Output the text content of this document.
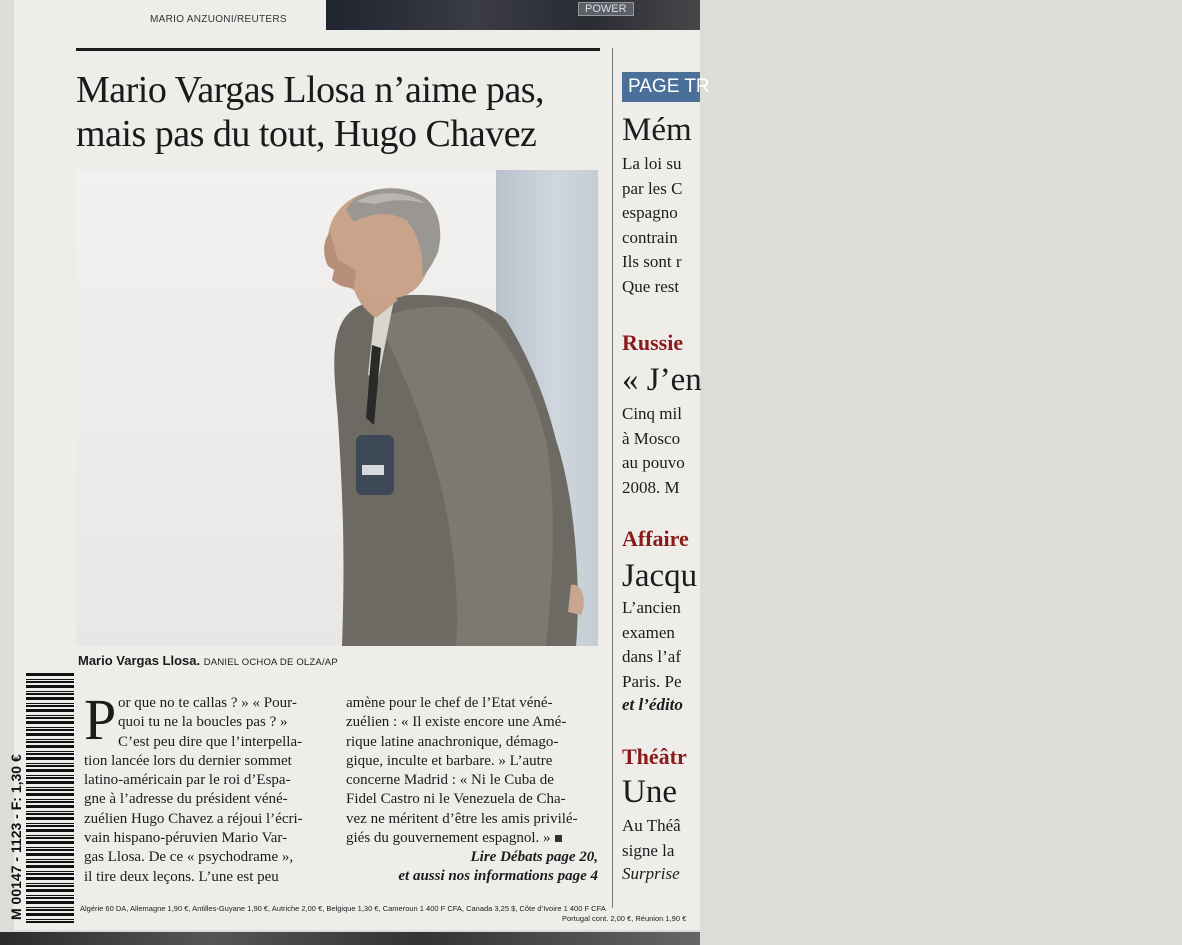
MARIO ANZUONI/REUTERS
POWER
Mario Vargas Llosa n’aime pas,
mais pas du tout, Hugo Chavez
Mario Vargas Llosa. DANIEL OCHOA DE OLZA/AP
M 00147 - 1123 - F: 1,30 €
P or que no te callas ? » « Pour-
quoi tu ne la boucles pas ? »
C’est peu dire que l’interpella-
tion lancée lors du dernier sommet
latino-américain par le roi d’Espa-
gne à l’adresse du président véné-
zuélien Hugo Chavez a réjoui l’écri-
vain hispano-péruvien Mario Var-
gas Llosa. De ce « psychodrame »,
il tire deux leçons. L’une est peu
amène pour le chef de l’Etat véné-
zuélien : « Il existe encore une Amé-
rique latine anachronique, démago-
gique, inculte et barbare. » L’autre
concerne Madrid : « Ni le Cuba de
Fidel Castro ni le Venezuela de Cha-
vez ne méritent d’être les amis privilé-
giés du gouvernement espagnol. »
Lire Débats page 20,
et aussi nos informations page 4
Algérie 60 DA, Allemagne 1,90 €, Antilles-Guyane 1,90 €, Autriche 2,00 €, Belgique 1,30 €, Cameroun 1 400 F CFA, Canada 3,25 $, Côte d’Ivoire 1 400 F CFA
Portugal cont. 2,00 €, Réunion 1,90 €
PAGE TR
Mém
La loi su
par les C
espagno
contrain
Ils sont r
Que rest
Russie
« J’en
Cinq mil
à Mosco
au pouvo
2008. M
Affaire
Jacqu
L’ancien
examen
dans l’af
Paris. Pe
et l’édito
Théâtr
Une
Au Théâ
signe la
Surprise
